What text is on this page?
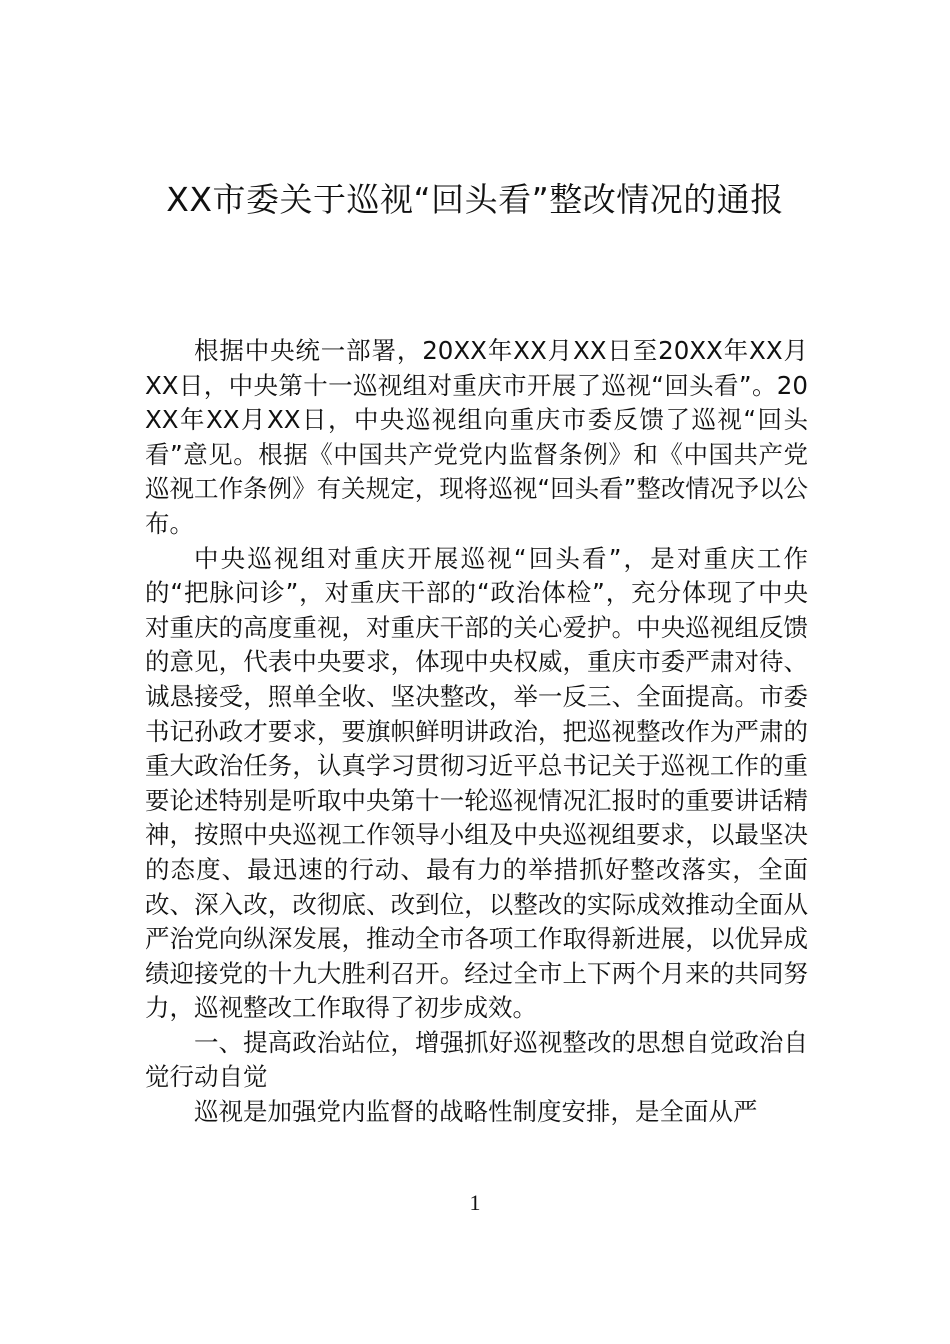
XX市委关于巡视“回头看”整改情况的通报

根据中央统一部署，20XX年XX月XX日至20XX年XX月XX日，中央第十一巡视组对重庆市开展了巡视“回头看”。20XX年XX月XX日，中央巡视组向重庆市委反馈了巡视“回头看”意见。根据《中国共产党党内监督条例》和《中国共产党巡视工作条例》有关规定，现将巡视“回头看”整改情况予以公布。

中央巡视组对重庆开展巡视“回头看”，是对重庆工作的“把脉问诊”，对重庆干部的“政治体检”，充分体现了中央对重庆的高度重视，对重庆干部的关心爱护。中央巡视组反馈的意见，代表中央要求，体现中央权威，重庆市委严肃对待、诚恳接受，照单全收、坚决整改，举一反三、全面提高。市委书记孙政才要求，要旗帜鲜明讲政治，把巡视整改作为严肃的重大政治任务，认真学习贯彻习近平总书记关于巡视工作的重要论述特别是听取中央第十一轮巡视情况汇报时的重要讲话精神，按照中央巡视工作领导小组及中央巡视组要求，以最坚决的态度、最迅速的行动、最有力的举措抓好整改落实，全面改、深入改，改彻底、改到位，以整改的实际成效推动全面从严治党向纵深发展，推动全市各项工作取得新进展，以优异成绩迎接党的十九大胜利召开。经过全市上下两个月来的共同努力，巡视整改工作取得了初步成效。

一、提高政治站位，增强抓好巡视整改的思想自觉政治自觉行动自觉

巡视是加强党内监督的战略性制度安排，是全面从严

1
